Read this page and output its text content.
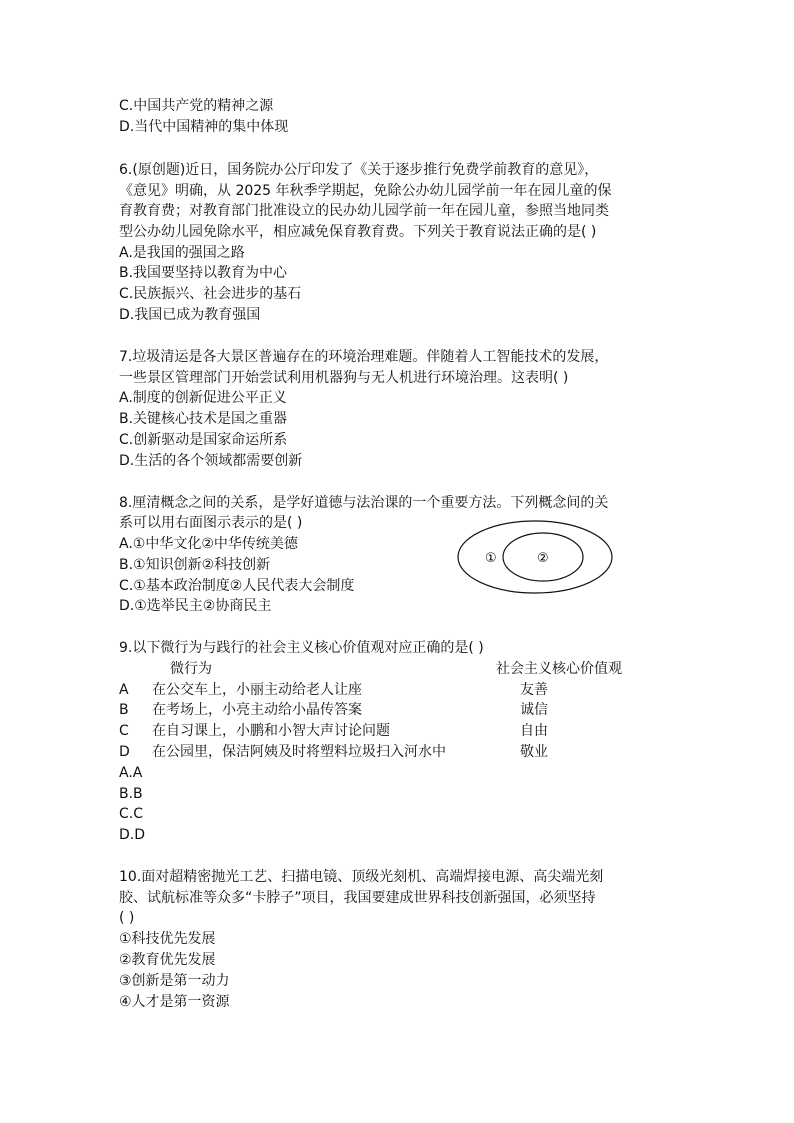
C.中国共产党的精神之源
D.当代中国精神的集中体现
6.(原创题)近日，国务院办公厅印发了《关于逐步推行免费学前教育的意见》，
《意见》明确，从 2025 年秋季学期起，免除公办幼儿园学前一年在园儿童的保
育教育费；对教育部门批准设立的民办幼儿园学前一年在园儿童，参照当地同类
型公办幼儿园免除水平，相应减免保育教育费。下列关于教育说法正确的是( )
A.是我国的强国之路
B.我国要坚持以教育为中心
C.民族振兴、社会进步的基石
D.我国已成为教育强国
7.垃圾清运是各大景区普遍存在的环境治理难题。伴随着人工智能技术的发展，
一些景区管理部门开始尝试利用机器狗与无人机进行环境治理。这表明( )
A.制度的创新促进公平正义
B.关键核心技术是国之重器
C.创新驱动是国家命运所系
D.生活的各个领域都需要创新
8.厘清概念之间的关系，是学好道德与法治课的一个重要方法。下列概念间的关
系可以用右面图示表示的是( )
A.①中华文化②中华传统美德
B.①知识创新②科技创新
C.①基本政治制度②人民代表大会制度
D.①选举民主②协商民主
①	②
9.以下微行为与践行的社会主义核心价值观对应正确的是( )
微行为	社会主义核心价值观
A 在公交车上，小丽主动给老人让座	友善
B 在考场上，小亮主动给小晶传答案	诚信
C 在自习课上，小鹏和小智大声讨论问题	自由
D 在公园里，保洁阿姨及时将塑料垃圾扫入河水中	敬业
A.A
B.B
C.C
D.D
10.面对超精密抛光工艺、扫描电镜、顶级光刻机、高端焊接电源、高尖端光刻
胶、试航标准等众多“卡脖子”项目，我国要建成世界科技创新强国，必须坚持
( )
①科技优先发展
②教育优先发展
③创新是第一动力
④人才是第一资源
